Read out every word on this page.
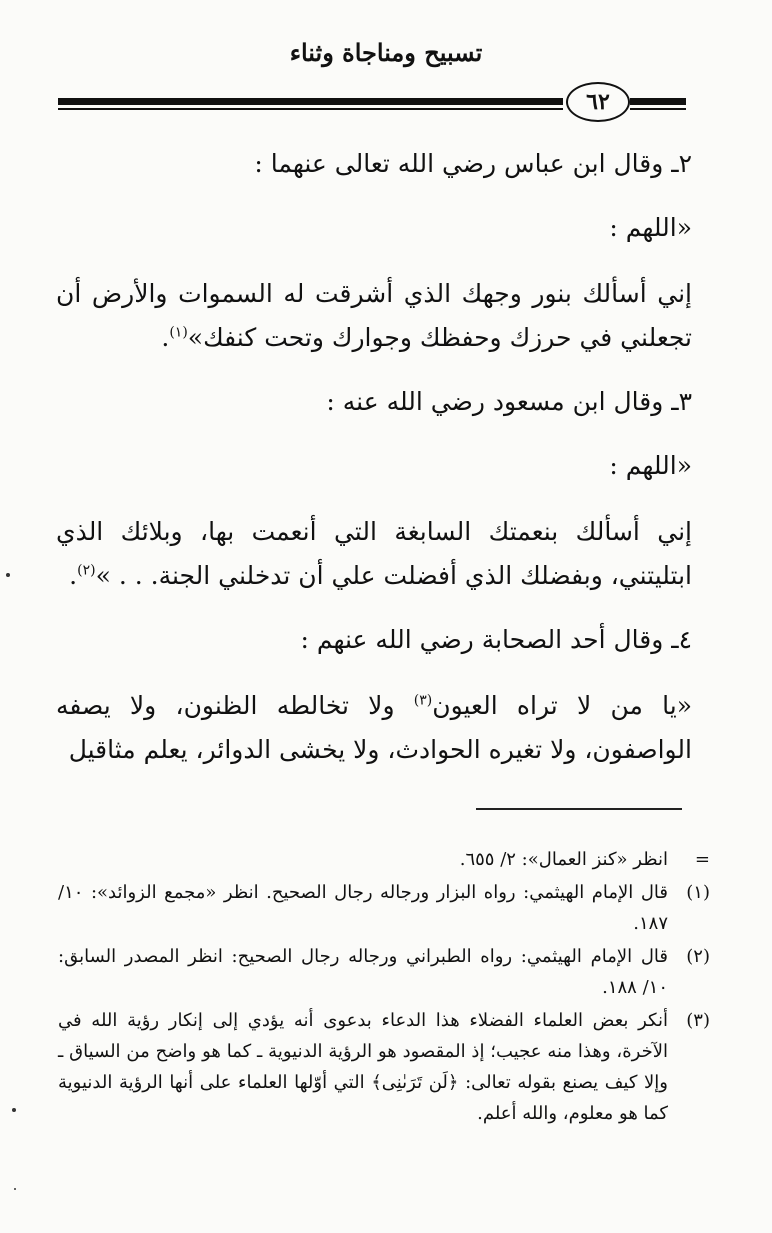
تسبيح ومناجاة وثناء
٦٢

٢ـ وقال ابن عباس رضي الله تعالى عنهما :

«اللهم :

إني أسألك بنور وجهك الذي أشرقت له السموات والأرض أن تجعلني في حرزك وحفظك وجوارك وتحت كنفك»$^{(١)}$.

٣ـ وقال ابن مسعود رضي الله عنه :

«اللهم :

إني أسألك بنعمتك السابغة التي أنعمت بها، وبلائك الذي ابتليتني، وبفضلك الذي أفضلت علي أن تدخلني الجنة. . . »$^{(٢)}$.

٤ـ وقال أحد الصحابة رضي الله عنهم :

«يا من لا تراه العيون$^{(٣)}$ ولا تخالطه الظنون، ولا يصفه الواصفون، ولا تغيره الحوادث، ولا يخشى الدوائر، يعلم مثاقيل

=
انظر «كنز العمال»: ٢/ ٦٥٥.
(١)
قال الإمام الهيثمي: رواه البزار ورجاله رجال الصحيح. انظر «مجمع الزوائد»: ١٠/ ١٨٧.
(٢)
قال الإمام الهيثمي: رواه الطبراني ورجاله رجال الصحيح: انظر المصدر السابق: ١٠/ ١٨٨.
(٣)
أنكر بعض العلماء الفضلاء هذا الدعاء بدعوى أنه يؤدي إلى إنكار رؤية الله في الآخرة، وهذا منه عجيب؛ إذ المقصود هو الرؤية الدنيوية ـ كما هو واضح من السياق ـ وإلا كيف يصنع بقوله تعالى: ﴿لَن تَرَىٰنِى﴾ التي أوّلها العلماء على أنها الرؤية الدنيوية كما هو معلوم، والله أعلم.
